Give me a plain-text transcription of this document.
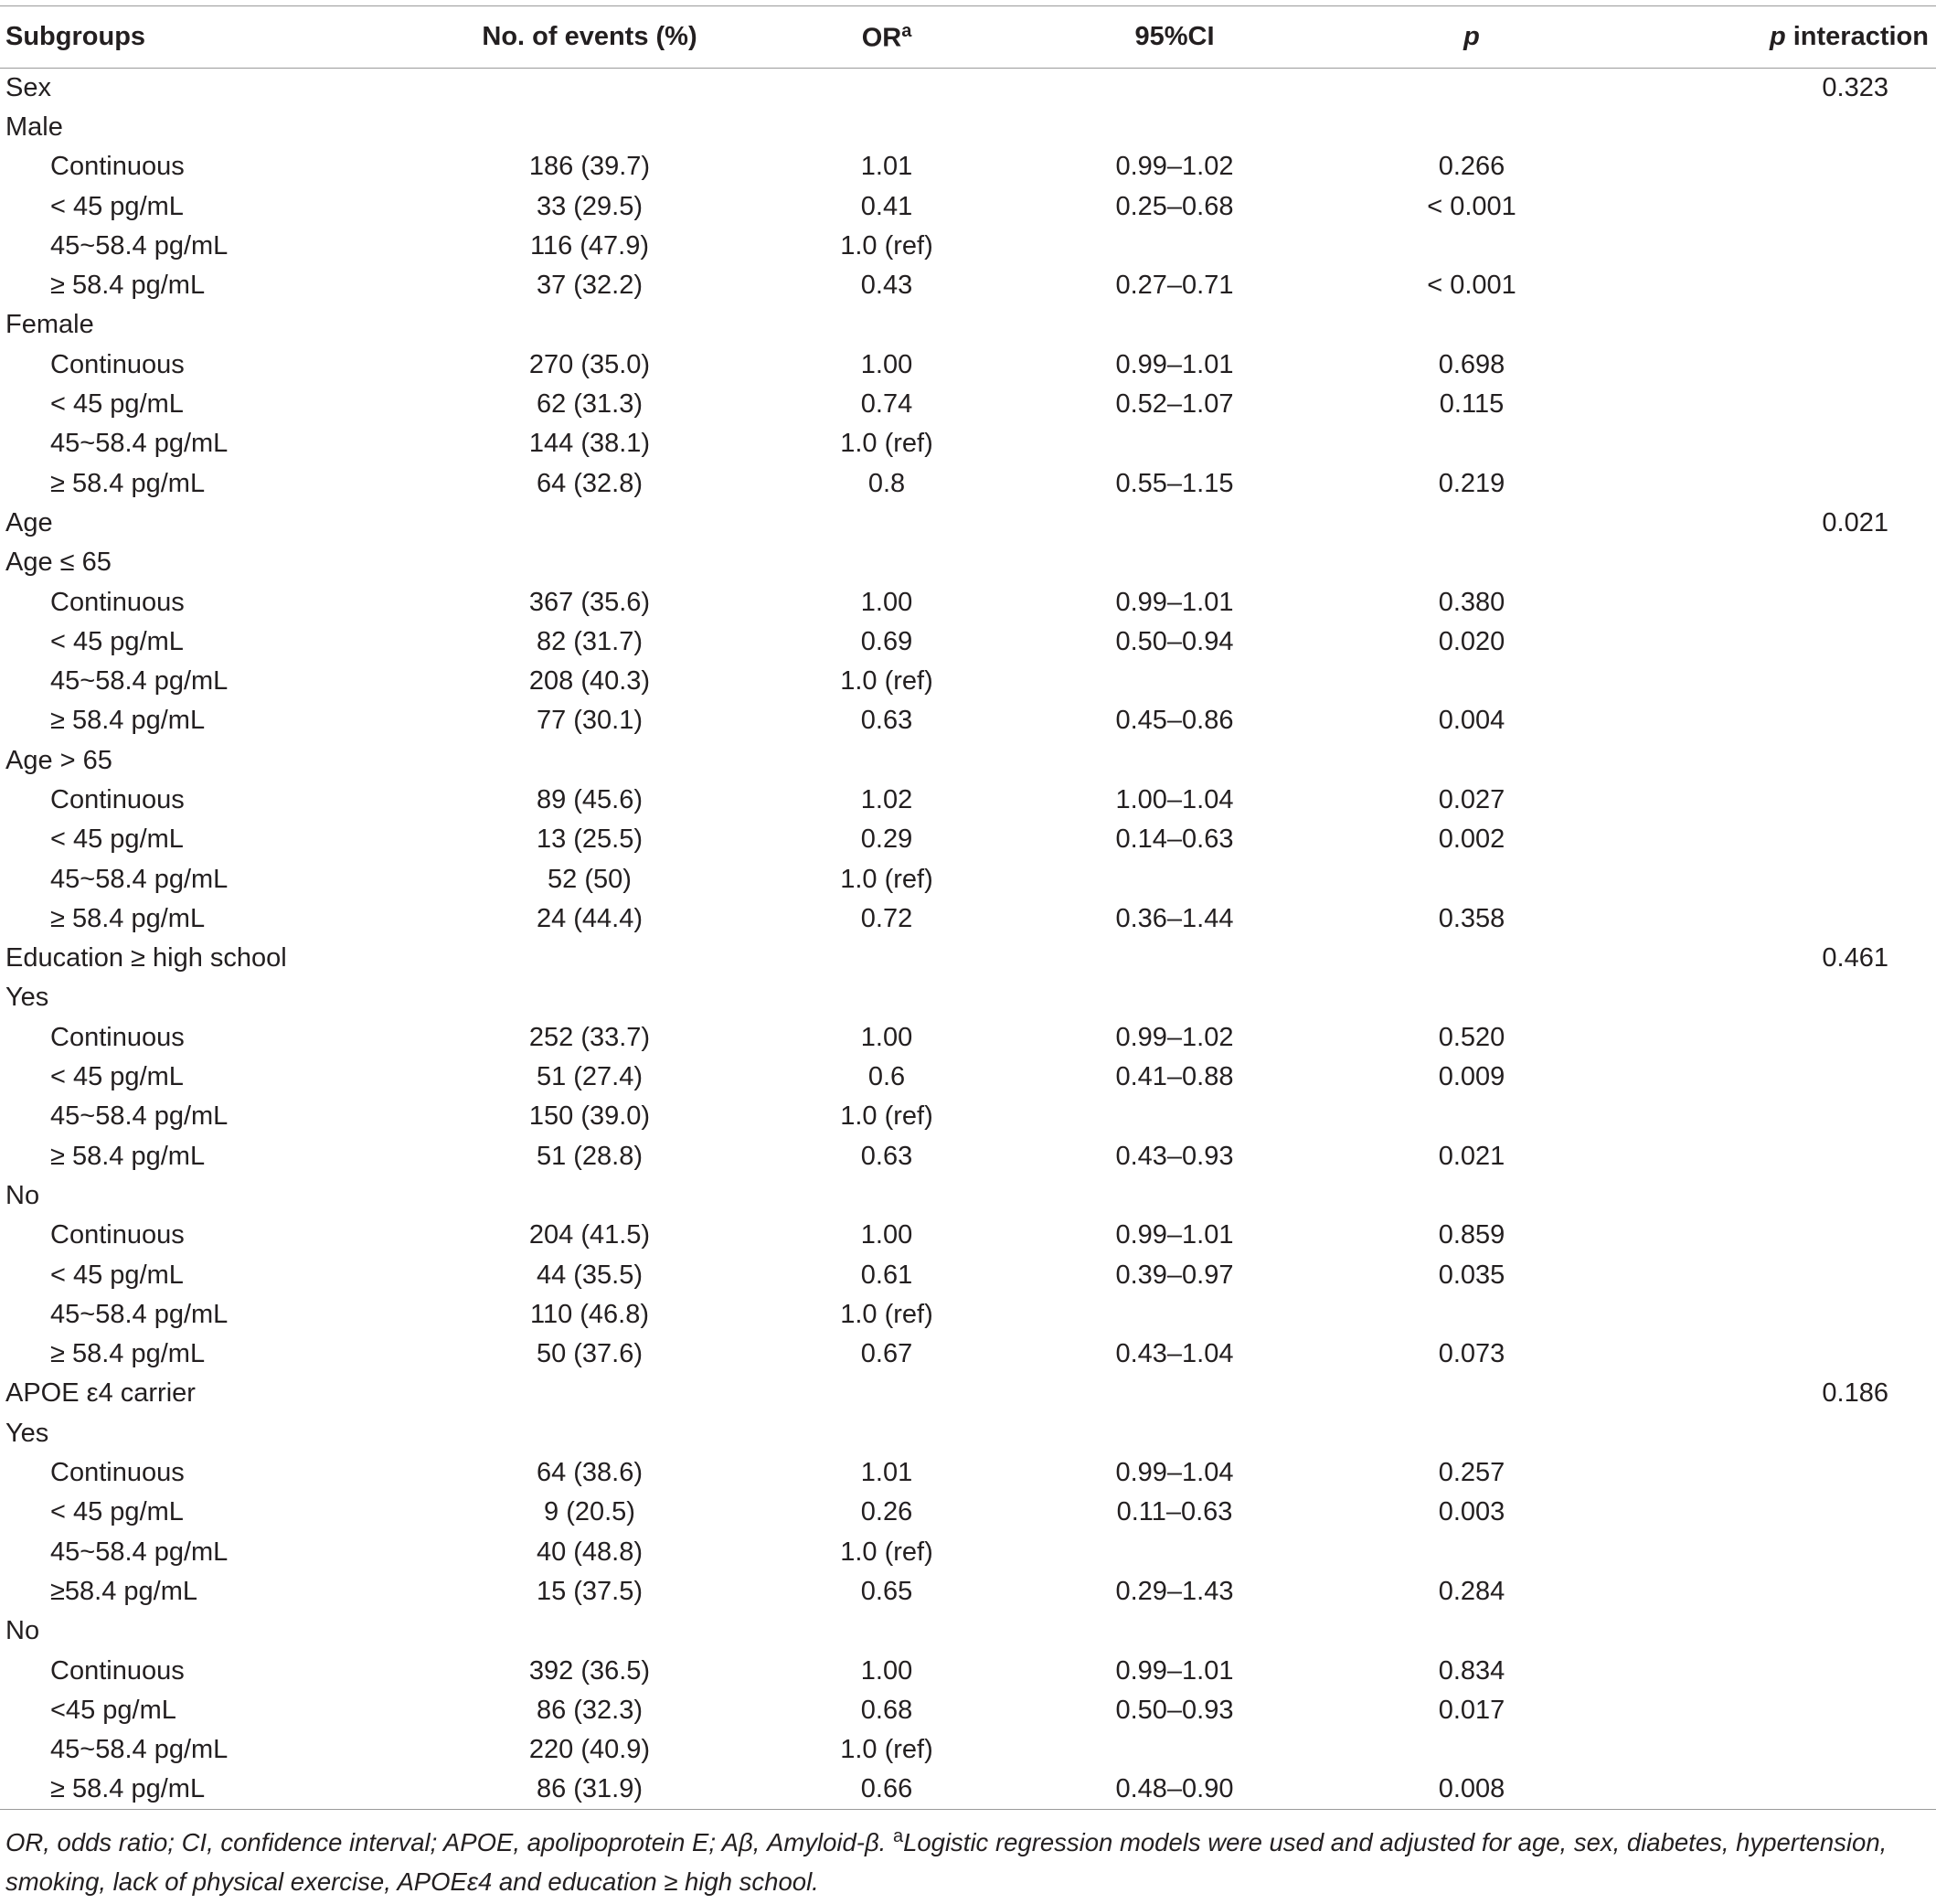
Subgroups	No. of events (%)	$OR^a$	95%CI	p	p interaction
Sex					0.323
Male					
Continuous	186 (39.7)	1.01	0.99–1.02	0.266	
< 45 pg/mL	33 (29.5)	0.41	0.25–0.68	< 0.001	
45~58.4 pg/mL	116 (47.9)	1.0 (ref)			
≥ 58.4 pg/mL	37 (32.2)	0.43	0.27–0.71	< 0.001	
Female					
Continuous	270 (35.0)	1.00	0.99–1.01	0.698	
< 45 pg/mL	62 (31.3)	0.74	0.52–1.07	0.115	
45~58.4 pg/mL	144 (38.1)	1.0 (ref)			
≥ 58.4 pg/mL	64 (32.8)	0.8	0.55–1.15	0.219	
Age					0.021
Age ≤ 65					
Continuous	367 (35.6)	1.00	0.99–1.01	0.380	
< 45 pg/mL	82 (31.7)	0.69	0.50–0.94	0.020	
45~58.4 pg/mL	208 (40.3)	1.0 (ref)			
≥ 58.4 pg/mL	77 (30.1)	0.63	0.45–0.86	0.004	
Age > 65					
Continuous	89 (45.6)	1.02	1.00–1.04	0.027	
< 45 pg/mL	13 (25.5)	0.29	0.14–0.63	0.002	
45~58.4 pg/mL	52 (50)	1.0 (ref)			
≥ 58.4 pg/mL	24 (44.4)	0.72	0.36–1.44	0.358	
Education ≥ high school					0.461
Yes					
Continuous	252 (33.7)	1.00	0.99–1.02	0.520	
< 45 pg/mL	51 (27.4)	0.6	0.41–0.88	0.009	
45~58.4 pg/mL	150 (39.0)	1.0 (ref)			
≥ 58.4 pg/mL	51 (28.8)	0.63	0.43–0.93	0.021	
No					
Continuous	204 (41.5)	1.00	0.99–1.01	0.859	
< 45 pg/mL	44 (35.5)	0.61	0.39–0.97	0.035	
45~58.4 pg/mL	110 (46.8)	1.0 (ref)			
≥ 58.4 pg/mL	50 (37.6)	0.67	0.43–1.04	0.073	
APOE ε4 carrier					0.186
Yes					
Continuous	64 (38.6)	1.01	0.99–1.04	0.257	
< 45 pg/mL	9 (20.5)	0.26	0.11–0.63	0.003	
45~58.4 pg/mL	40 (48.8)	1.0 (ref)			
≥58.4 pg/mL	15 (37.5)	0.65	0.29–1.43	0.284	
No					
Continuous	392 (36.5)	1.00	0.99–1.01	0.834	
<45 pg/mL	86 (32.3)	0.68	0.50–0.93	0.017	
45~58.4 pg/mL	220 (40.9)	1.0 (ref)			
≥ 58.4 pg/mL	86 (31.9)	0.66	0.48–0.90	0.008	
OR, odds ratio; CI, confidence interval; APOE, apolipoprotein E; Aβ, Amyloid-β. $^a$Logistic regression models were used and adjusted for age, sex, diabetes, hypertension, smoking, lack of physical exercise, APOEε4 and education ≥ high school.
